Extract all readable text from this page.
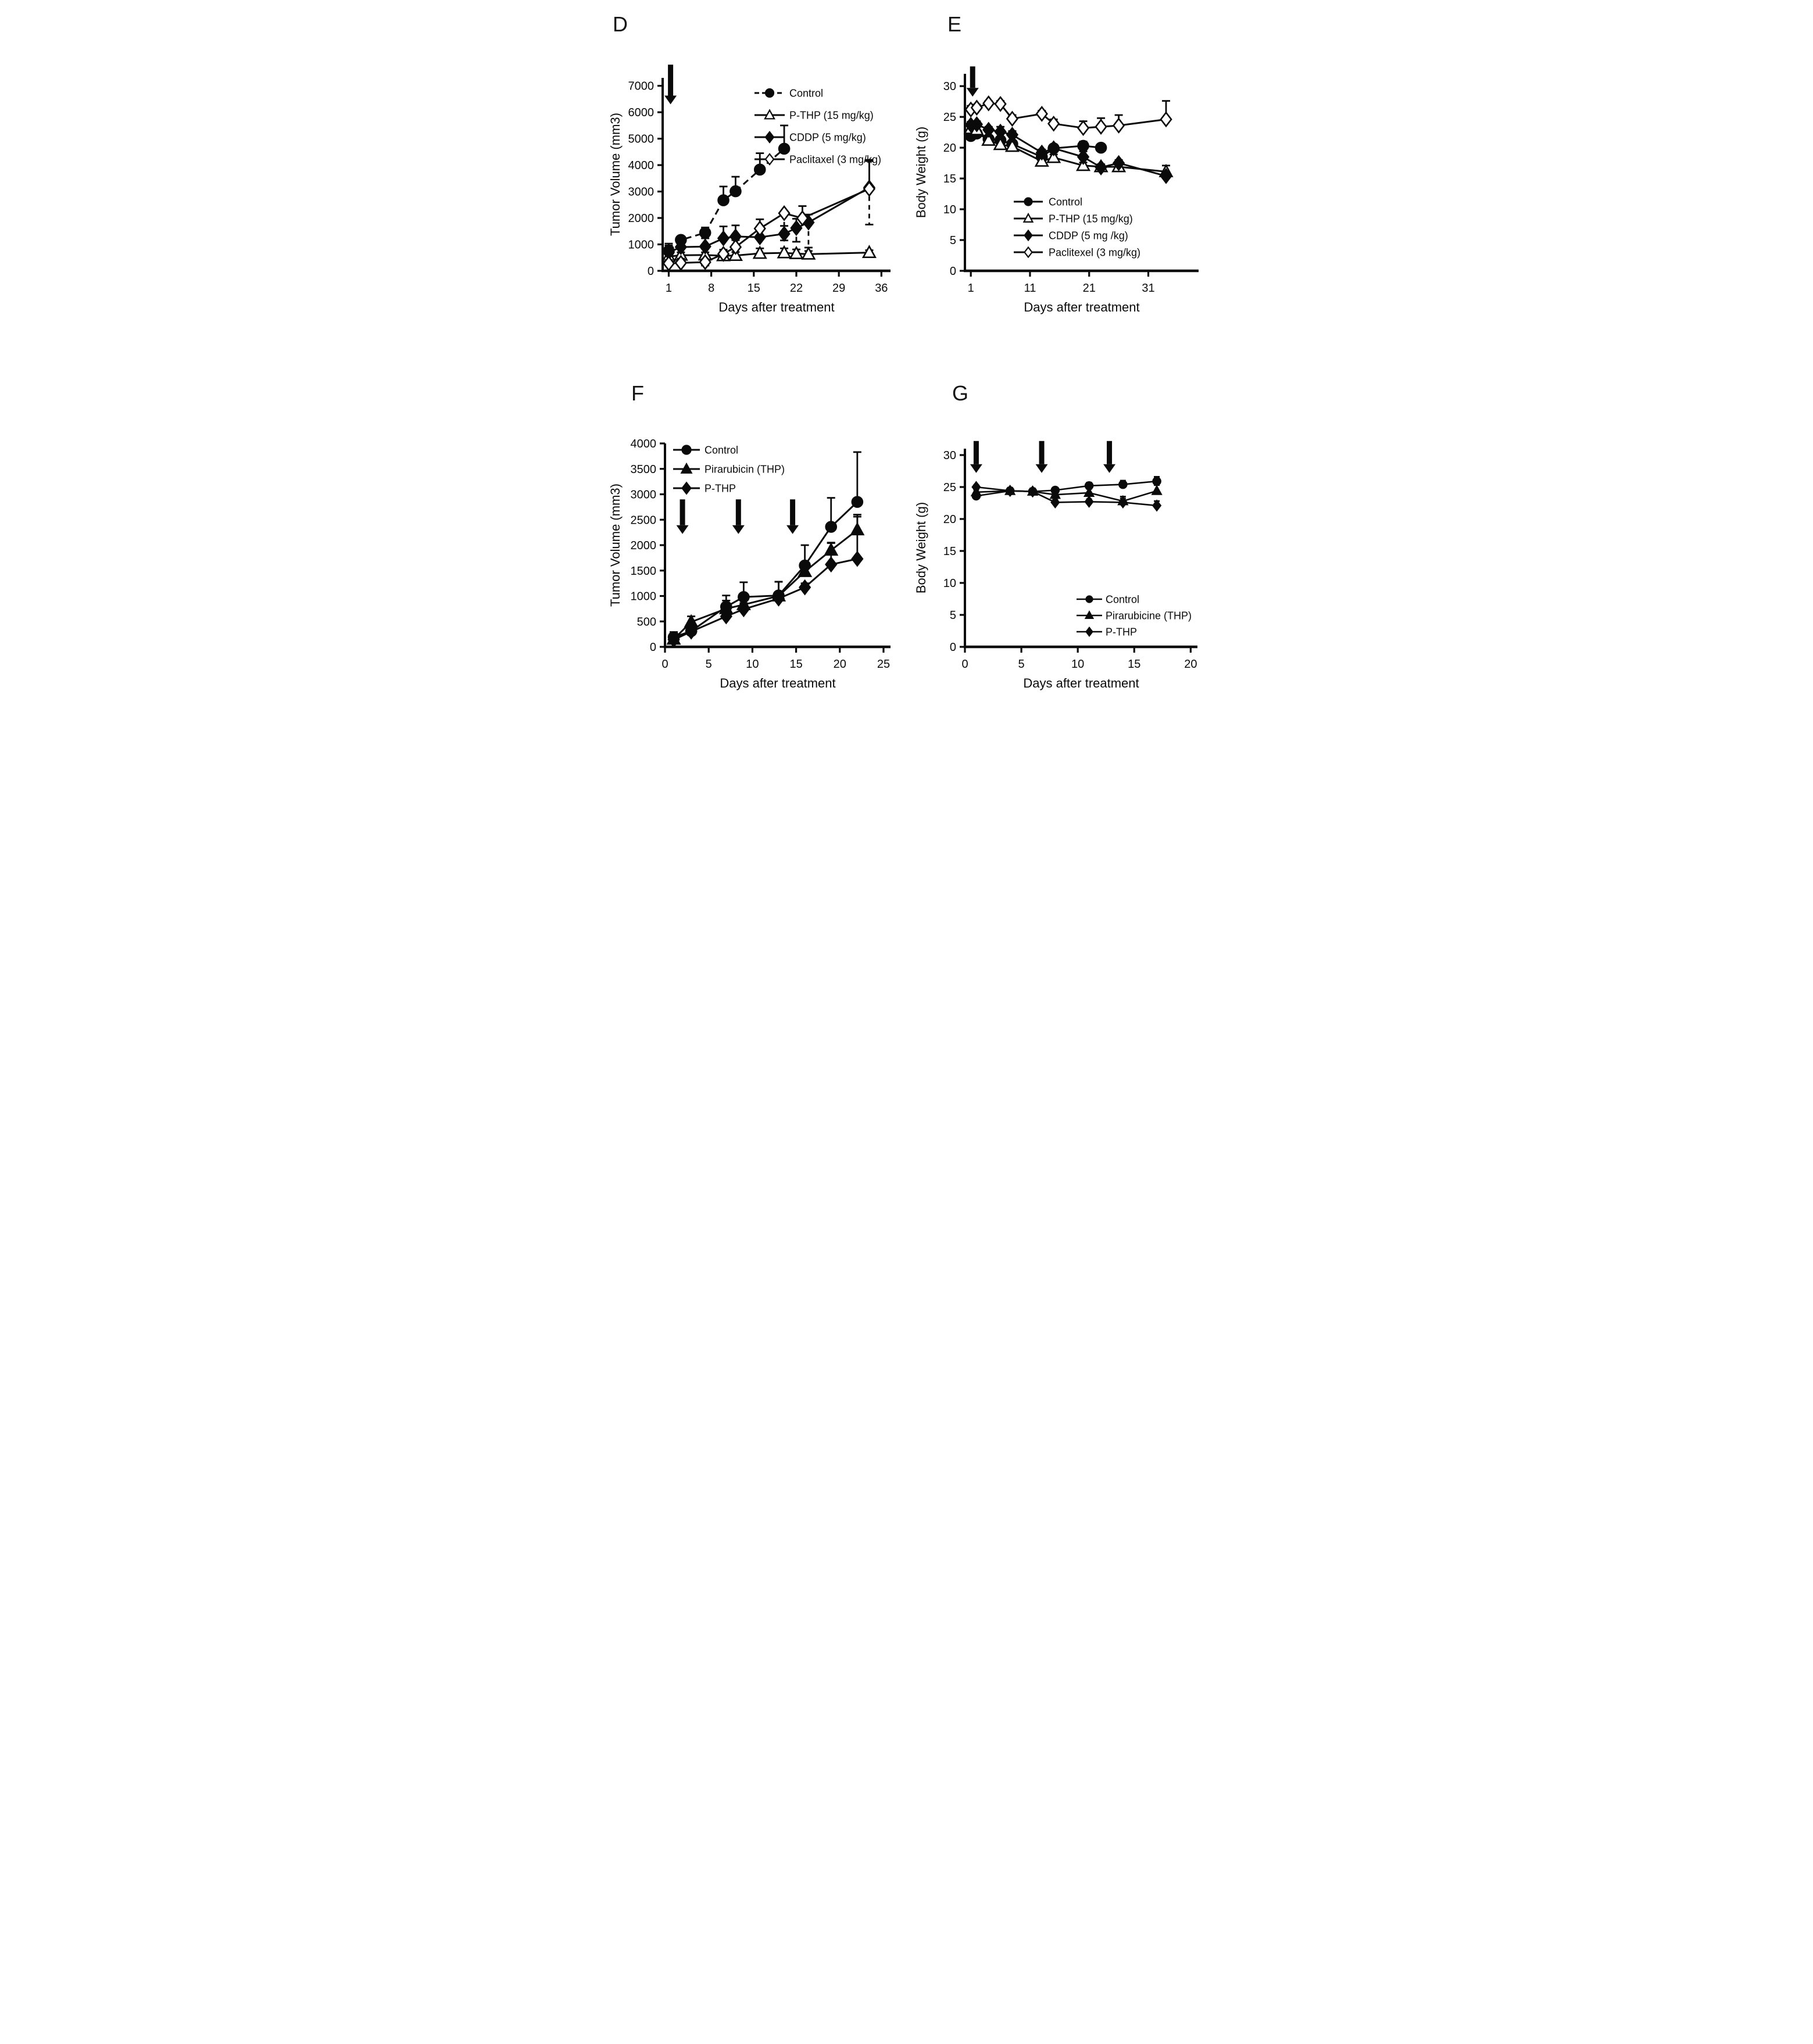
D
0
1000
2000
3000
4000
5000
6000
7000
1	8	15	22	29	36
Days after treatment
Tumor Volume (mm3)
Control
P-THP (15 mg/kg)
CDDP (5 mg/kg)
Paclitaxel (3 mg/kg)
E
0
5
10
15
20
25
30
1	11	21	31
Days after treatment
Body Weight (g)	Control
P-THP (15 mg/kg)
CDDP (5 mg /kg)
Paclitexel (3 mg/kg)
F
0
500
1000
1500
2000
2500
3000
3500
4000
0	5	10	15	20	25
Days after treatment
Tumor Volume (mm3)
Control
Pirarubicin (THP)
P-THP
G
0
5
10
15
20
25
30
0	5	10	15	20
Days after treatment
Body Weight (g)
Control
Pirarubicine (THP)
P-THP
